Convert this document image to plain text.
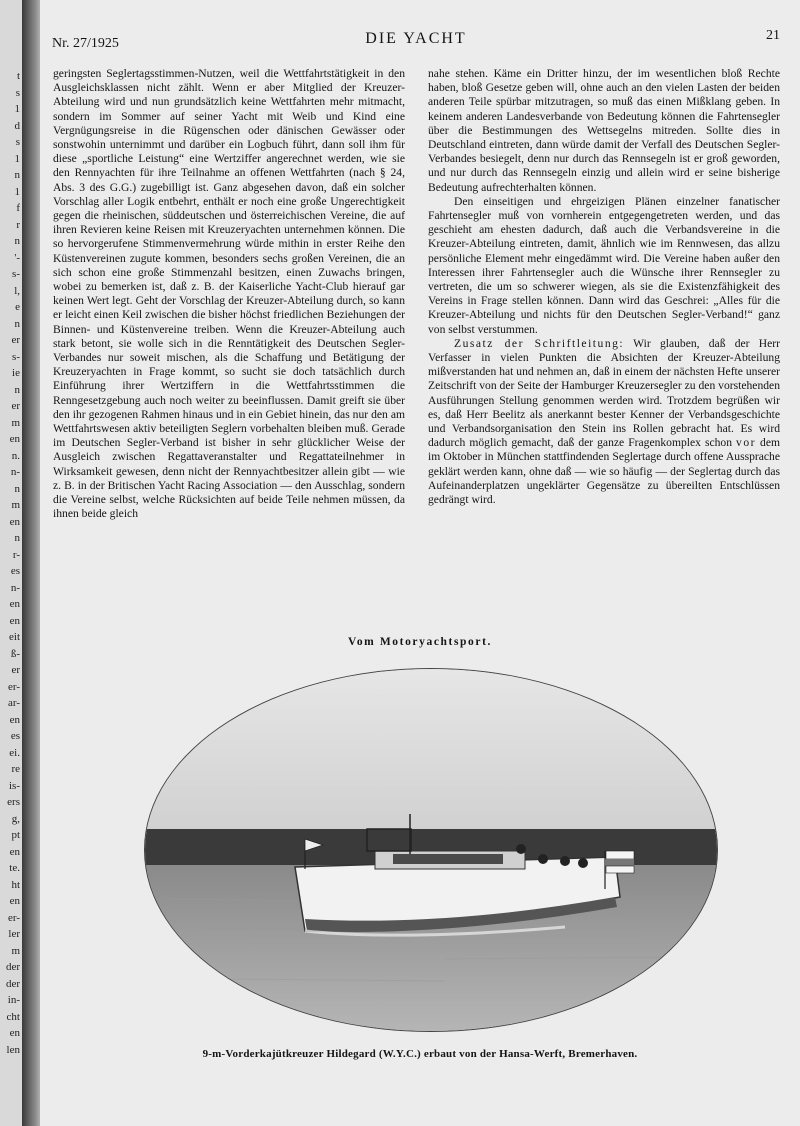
t
s
1
d
s
1
n
1
f
r
n
'-
s-
l,
e
n
er
s-
ie
n
er
m
en
n.
n-
n
m
en
n
r-
es
n-
en
en
eit
ß-
er
er-
ar-
en
es
ei.
re
is-
ers
g,
pt
en
te.
ht
en
er-
ler
m
der
der
in-
cht
en
len
Nr. 27/1925	DIE YACHT	21

geringsten Seglertagsstimmen-Nutzen, weil die Wettfahrtstätigkeit in den Ausgleichsklassen nicht zählt. Wenn er aber Mitglied der Kreuzer-Abteilung wird und nun grundsätzlich keine Wettfahrten mehr mitmacht, sondern im Sommer auf seiner Yacht mit Weib und Kind eine Vergnügungsreise in die Rügenschen oder dänischen Gewässer oder sonstwohin unternimmt und darüber ein Logbuch führt, dann soll ihm für diese „sportliche Leistung“ eine Wertziffer angerechnet werden, wie sie den Rennyachten für ihre Teilnahme an offenen Wettfahrten (nach § 24, Abs. 3 des G.G.) zugebilligt ist. Ganz abgesehen davon, daß ein solcher Vorschlag aller Logik entbehrt, enthält er noch eine große Ungerechtigkeit gegen die rheinischen, süddeutschen und österreichischen Vereine, die auf ihren Revieren keine Reisen mit Kreuzeryachten unternehmen können. Die so hervorgerufene Stimmenvermehrung würde mithin in erster Reihe den Küstenvereinen zugute kommen, besonders sechs großen Vereinen, die an sich schon eine große Stimmenzahl besitzen, einen Zuwachs bringen, wobei zu bemerken ist, daß z. B. der Kaiserliche Yacht-Club hierauf gar keinen Wert legt. Geht der Vorschlag der Kreuzer-Abteilung durch, so kann er leicht einen Keil zwischen die bisher höchst friedlichen Beziehungen der Binnen- und Küstenvereine treiben. Wenn die Kreuzer-Abteilung auch stark betont, sie wolle sich in die Renntätigkeit des Deutschen Segler-Verbandes nur soweit mischen, als die Schaffung und Betätigung der Kreuzeryachten in Frage kommt, so sucht sie doch tatsächlich durch Einführung ihrer Wertziffern in die Wettfahrtsstimmen die Renngesetzgebung auch noch weiter zu beeinflussen. Damit greift sie über den ihr gezogenen Rahmen hinaus und in ein Gebiet hinein, das nur den am Wettfahrtswesen aktiv beteiligten Seglern vorbehalten bleiben muß. Gerade im Deutschen Segler-Verband ist bisher in sehr glücklicher Weise der Ausgleich zwischen Regattaveranstalter und Regattateilnehmer in Wirksamkeit gewesen, denn nicht der Rennyachtbesitzer allein gibt — wie z. B. in der Britischen Yacht Racing Association — den Ausschlag, sondern die Vereine selbst, welche Rücksichten auf beide Teile nehmen müssen, da ihnen beide gleich

nahe stehen. Käme ein Dritter hinzu, der im wesentlichen bloß Rechte haben, bloß Gesetze geben will, ohne auch an den vielen Lasten der beiden anderen Teile spürbar mitzutragen, so muß das einen Mißklang geben. In keinem anderen Landesverbande von Bedeutung können die Fahrtensegler über die Bestimmungen des Wettsegelns mitreden. Sollte dies in Deutschland eintreten, dann würde damit der Verfall des Deutschen Segler-Verbandes besiegelt, denn nur durch das Rennsegeln ist er groß geworden, und nur durch das Rennsegeln einzig und allein wird er seine bisherige Bedeutung aufrechterhalten können.

Den einseitigen und ehrgeizigen Plänen einzelner fanatischer Fahrtensegler muß von vornherein entgegengetreten werden, und das geschieht am ehesten dadurch, daß auch die Verbandsvereine in die Kreuzer-Abteilung eintreten, damit, ähnlich wie im Rennwesen, das allzu persönliche Element mehr eingedämmt wird. Die Vereine haben außer den Interessen ihrer Fahrtensegler auch die Wünsche ihrer Rennsegler zu vertreten, die um so schwerer wiegen, als sie die Existenzfähigkeit des Vereins in Frage stellen können. Dann wird das Geschrei: „Alles für die Kreuzer-Abteilung und nichts für den Deutschen Segler-Verband!“ ganz von selbst verstummen.

Zusatz der Schriftleitung: Wir glauben, daß der Herr Verfasser in vielen Punkten die Absichten der Kreuzer-Abteilung mißverstanden hat und nehmen an, daß in einem der nächsten Hefte unserer Zeitschrift von der Seite der Hamburger Kreuzersegler zu den vorstehenden Ausführungen Stellung genommen werden wird. Trotzdem begrüßen wir es, daß Herr Beelitz als anerkannt bester Kenner der Verbandsgeschichte und Verbandsorganisation den Stein ins Rollen gebracht hat. Es wird dadurch möglich gemacht, daß der ganze Fragenkomplex schon vor dem im Oktober in München stattfindenden Seglertage durch offene Aussprache geklärt werden kann, ohne daß — wie so häufig — der Seglertag durch das Aufeinanderplatzen ungeklärter Gegensätze zu übereilten Entschlüssen gedrängt wird.

Vom Motoryachtsport.
9-m-Vorderkajütkreuzer Hildegard (W.Y.C.) erbaut von der Hansa-Werft, Bremerhaven.
